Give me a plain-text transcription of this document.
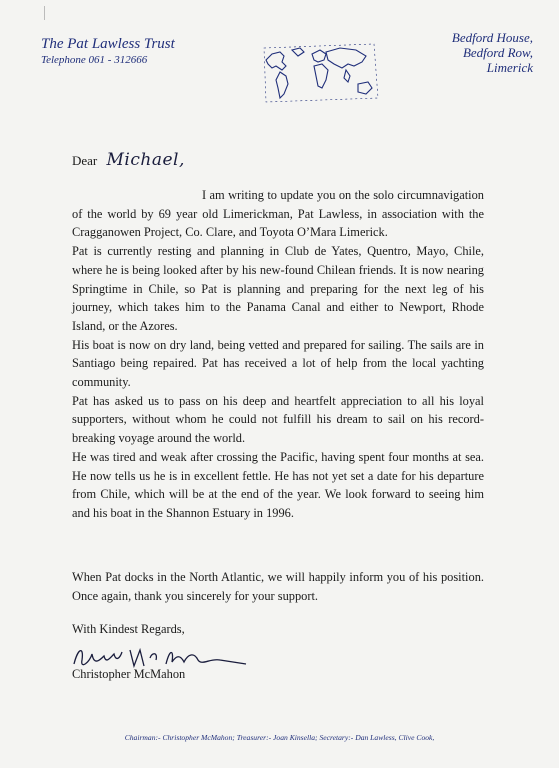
The Pat Lawless Trust
Telephone 061 - 312666
Bedford House,
Bedford Row,
Limerick
Dear Michael,

I am writing to update you on the solo circumnavigation of the world by 69 year old Limerickman, Pat Lawless, in association with the Cragganowen Project, Co. Clare, and Toyota O’Mara Limerick.

Pat is currently resting and planning in Club de Yates, Quentro, Mayo, Chile, where he is being looked after by his new-found Chilean friends. It is now nearing Springtime in Chile, so Pat is planning and preparing for the next leg of his journey, which takes him to the Panama Canal and either to Newport, Rhode Island, or the Azores.

His boat is now on dry land, being vetted and prepared for sailing. The sails are in Santiago being repaired. Pat has received a lot of help from the local yachting community.

Pat has asked us to pass on his deep and heartfelt appreciation to all his loyal supporters, without whom he could not fulfill his dream to sail on his record-breaking voyage around the world.

He was tired and weak after crossing the Pacific, having spent four months at sea. He now tells us he is in excellent fettle. He has not yet set a date for his departure from Chile, which will be at the end of the year. We look forward to seeing him and his boat in the Shannon Estuary in 1996.

When Pat docks in the North Atlantic, we will happily inform you of his position. Once again, thank you sincerely for your support.
With Kindest Regards,
Christopher McMahon
Chairman:- Christopher McMahon; Treasurer:- Joan Kinsella; Secretary:- Dan Lawless, Clive Cook,
